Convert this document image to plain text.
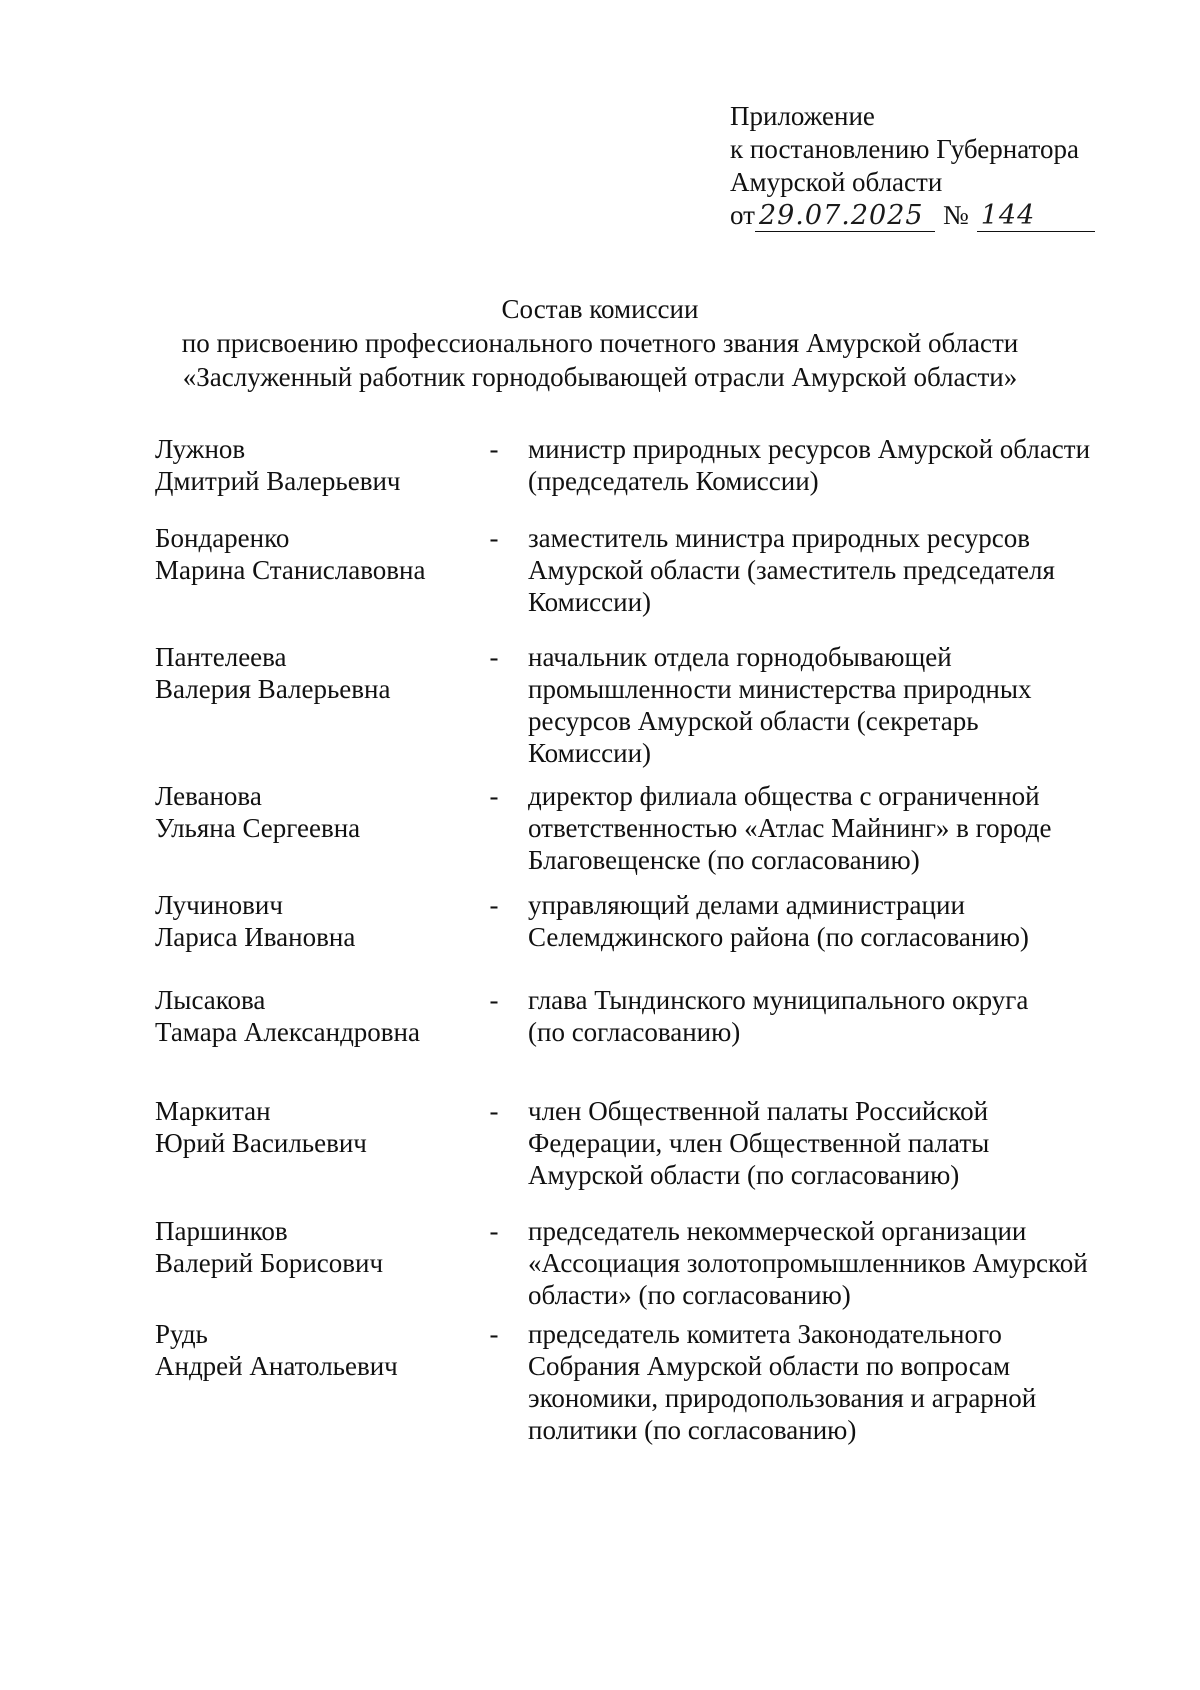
Приложение
к постановлению Губернатора
Амурской области
от 29.07.2025 № 144
Состав комиссии
по присвоению профессионального почетного звания Амурской области
«Заслуженный работник горнодобывающей отрасли Амурской области»
Лужнов
Дмитрий Валерьевич
- министр природных ресурсов Амурской области
(председатель Комиссии)
Бондаренко
Марина Станиславовна
- заместитель министра природных ресурсов
Амурской области (заместитель председателя
Комиссии)
Пантелеева
Валерия Валерьевна
- начальник отдела горнодобывающей
промышленности министерства природных
ресурсов Амурской области (секретарь
Комиссии)
Леванова
Ульяна Сергеевна
- директор филиала общества с ограниченной
ответственностью «Атлас Майнинг» в городе
Благовещенске (по согласованию)
Лучинович
Лариса Ивановна
- управляющий делами администрации
Селемджинского района (по согласованию)
Лысакова
Тамара Александровна
- глава Тындинского муниципального округа
(по согласованию)
Маркитан
Юрий Васильевич
- член Общественной палаты Российской
Федерации, член Общественной палаты
Амурской области (по согласованию)
Паршинков
Валерий Борисович
- председатель некоммерческой организации
«Ассоциация золотопромышленников Амурской
области» (по согласованию)
Рудь
Андрей Анатольевич
- председатель комитета Законодательного
Собрания Амурской области по вопросам
экономики, природопользования и аграрной
политики (по согласованию)
